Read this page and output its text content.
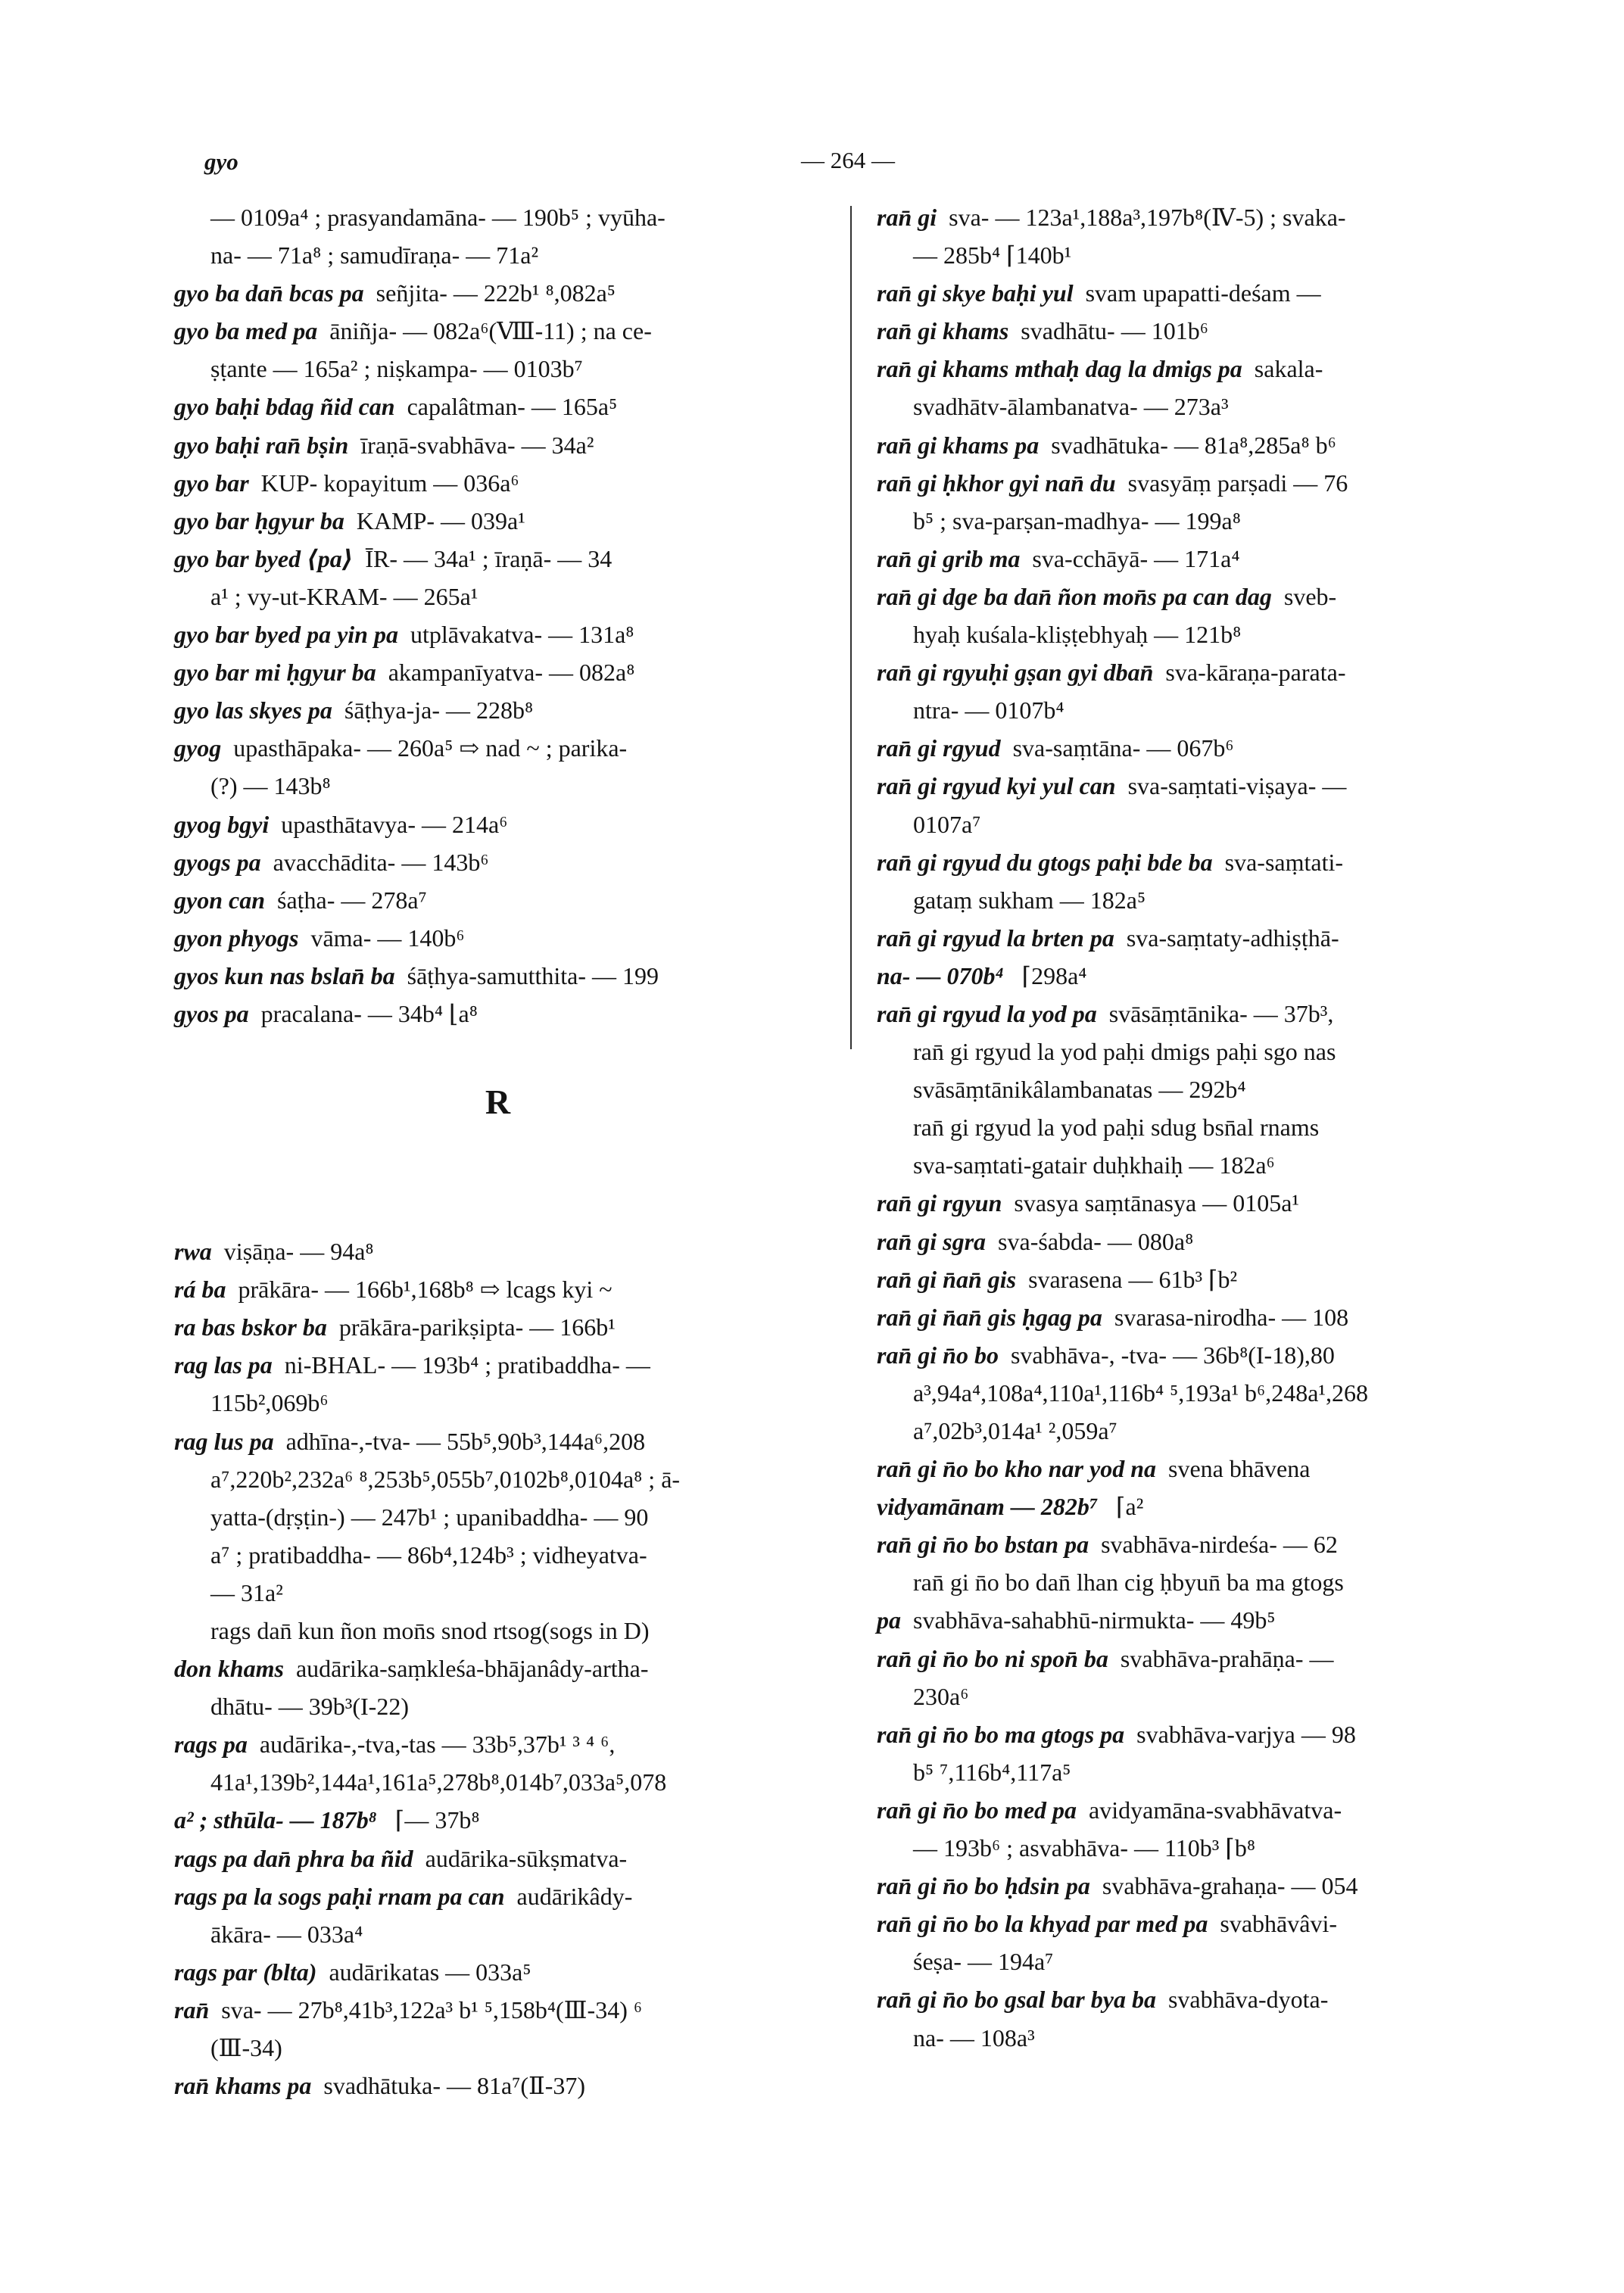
gyo	— 264 —
— 0109a⁴ ; prasyandamāna- — 190b⁵ ; vyūha-
na- — 71a⁸ ; samudīraṇa- — 71a²
gyo ba dan̄ bcas pa  señjita- — 222b¹ ⁸,082a⁵
gyo ba med pa  āniñja- — 082a⁶(Ⅷ-11) ; na ce-
ṣṭante — 165a² ; niṣkampa- — 0103b⁷
gyo baḥi bdag ñid can  capalâtman- — 165a⁵
gyo baḥi ran̄ bṣin  īraṇā-svabhāva- — 34a²
gyo bar  KUP- kopayitum — 036a⁶
gyo bar ḥgyur ba  KAMP- — 039a¹
gyo bar byed ⟨pa⟩  ĪR- — 34a¹ ; īraṇā- — 34
a¹ ; vy-ut-KRAM- — 265a¹
gyo bar byed pa yin pa  utplāvakatva- — 131a⁸
gyo bar mi ḥgyur ba  akampanīyatva- — 082a⁸
gyo las skyes pa  śāṭhya-ja- — 228b⁸
gyog  upasthāpaka- — 260a⁵ ⇨ nad ~ ; parika-
(?) — 143b⁸
gyog bgyi  upasthātavya- — 214a⁶
gyogs pa  avacchādita- — 143b⁶
gyon can  śaṭha- — 278a⁷
gyon phyogs  vāma- — 140b⁶
gyos kun nas bslan̄ ba  śāṭhya-samutthita- — 199
gyos pa  pracalana- — 34b⁴ ⌊a⁸
R
rwa  viṣāṇa- — 94a⁸
rá ba  prākāra- — 166b¹,168b⁸ ⇨ lcags kyi ~
ra bas bskor ba  prākāra-parikṣipta- — 166b¹
rag las pa  ni-BHAL- — 193b⁴ ; pratibaddha- —
115b²,069b⁶
rag lus pa  adhīna-,-tva- — 55b⁵,90b³,144a⁶,208
a⁷,220b²,232a⁶ ⁸,253b⁵,055b⁷,0102b⁸,0104a⁸ ; ā-
yatta-(dṛṣṭin-) — 247b¹ ; upanibaddha- — 90
a⁷ ; pratibaddha- — 86b⁴,124b³ ; vidheyatva-
— 31a²
rags dan̄ kun ñon mon̄s snod rtsog(sogs in D)
don khams  audārika-saṃkleśa-bhājanâdy-artha-
dhātu- — 39b³(I-22)
rags pa  audārika-,-tva,-tas — 33b⁵,37b¹ ³ ⁴ ⁶,
41a¹,139b²,144a¹,161a⁵,278b⁸,014b⁷,033a⁵,078
a² ; sthūla- — 187b⁸   ⌈— 37b⁸
rags pa dan̄ phra ba ñid  audārika-sūkṣmatva-
rags pa la sogs paḥi rnam pa can  audārikâdy-
ākāra- — 033a⁴
rags par (blta)  audārikatas — 033a⁵
ran̄  sva- — 27b⁸,41b³,122a³ b¹ ⁵,158b⁴(Ⅲ-34) ⁶
(Ⅲ-34)
ran̄ khams pa  svadhātuka- — 81a⁷(Ⅱ-37)
ran̄ gi  sva- — 123a¹,188a³,197b⁸(Ⅳ-5) ; svaka-
— 285b⁴ ⌈140b¹
ran̄ gi skye baḥi yul  svam upapatti-deśam —
ran̄ gi khams  svadhātu- — 101b⁶
ran̄ gi khams mthaḥ dag la dmigs pa  sakala-
svadhātv-ālambanatva- — 273a³
ran̄ gi khams pa  svadhātuka- — 81a⁸,285a⁸ b⁶
ran̄ gi ḥkhor gyi nan̄ du  svasyāṃ parṣadi — 76
b⁵ ; sva-parṣan-madhya- — 199a⁸
ran̄ gi grib ma  sva-cchāyā- — 171a⁴
ran̄ gi dge ba dan̄ ñon mon̄s pa can dag  sveb-
hyaḥ kuśala-kliṣṭebhyaḥ — 121b⁸
ran̄ gi rgyuḥi gṣan gyi dban̄  sva-kāraṇa-parata-
ntra- — 0107b⁴
ran̄ gi rgyud  sva-saṃtāna- — 067b⁶
ran̄ gi rgyud kyi yul can  sva-saṃtati-viṣaya- —
0107a⁷
ran̄ gi rgyud du gtogs paḥi bde ba  sva-saṃtati-
gataṃ sukham — 182a⁵
ran̄ gi rgyud la brten pa  sva-saṃtaty-adhiṣṭhā-
na- — 070b⁴   ⌈298a⁴
ran̄ gi rgyud la yod pa  svāsāṃtānika- — 37b³,
ran̄ gi rgyud la yod paḥi dmigs paḥi sgo nas
svāsāṃtānikâlambanatas — 292b⁴
ran̄ gi rgyud la yod paḥi sdug bsn̄al rnams
sva-saṃtati-gatair duḥkhaiḥ — 182a⁶
ran̄ gi rgyun  svasya saṃtānasya — 0105a¹
ran̄ gi sgra  sva-śabda- — 080a⁸
ran̄ gi n̄an̄ gis  svarasena — 61b³ ⌈b²
ran̄ gi n̄an̄ gis ḥgag pa  svarasa-nirodha- — 108
ran̄ gi n̄o bo  svabhāva-, -tva- — 36b⁸(I-18),80
a³,94a⁴,108a⁴,110a¹,116b⁴ ⁵,193a¹ b⁶,248a¹,268
a⁷,02b³,014a¹ ²,059a⁷
ran̄ gi n̄o bo kho nar yod na  svena bhāvena
vidyamānam — 282b⁷   ⌈a²
ran̄ gi n̄o bo bstan pa  svabhāva-nirdeśa- — 62
ran̄ gi n̄o bo dan̄ lhan cig ḥbyun̄ ba ma gtogs
pa  svabhāva-sahabhū-nirmukta- — 49b⁵
ran̄ gi n̄o bo ni spon̄ ba  svabhāva-prahāṇa- —
230a⁶
ran̄ gi n̄o bo ma gtogs pa  svabhāva-varjya — 98
b⁵ ⁷,116b⁴,117a⁵
ran̄ gi n̄o bo med pa  avidyamāna-svabhāvatva-
— 193b⁶ ; asvabhāva- — 110b³ ⌈b⁸
ran̄ gi n̄o bo ḥdsin pa  svabhāva-grahaṇa- — 054
ran̄ gi n̄o bo la khyad par med pa  svabhāvâvi-
śeṣa- — 194a⁷
ran̄ gi n̄o bo gsal bar bya ba  svabhāva-dyota-
na- — 108a³
